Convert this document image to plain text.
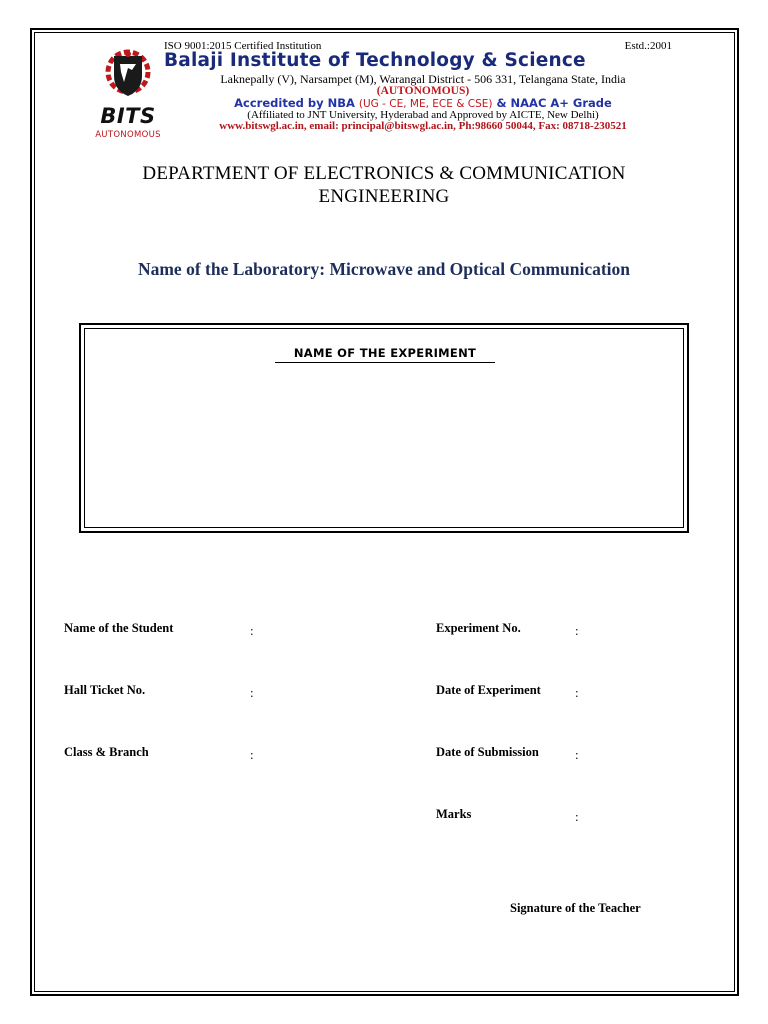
BITS
AUTONOMOUS
ISO 9001:2015 Certified Institution	Estd.:2001
Balaji Institute of Technology & Science
Laknepally (V), Narsampet (M), Warangal District - 506 331, Telangana State, India
(AUTONOMOUS)
Accredited by NBA (UG - CE, ME, ECE & CSE) & NAAC A+ Grade
(Affiliated to JNT University, Hyderabad and Approved by AICTE, New Delhi)
www.bitswgl.ac.in, email: principal@bitswgl.ac.in, Ph:98660 50044, Fax: 08718-230521
DEPARTMENT OF ELECTRONICS & COMMUNICATION
ENGINEERING
Name of the Laboratory: Microwave and Optical Communication
NAME OF THE EXPERIMENT
Name of the Student	:
Hall Ticket No.	:
Class & Branch	:
Experiment No.	:
Date of Experiment	:
Date of Submission	:
Marks	:
Signature of the Teacher
